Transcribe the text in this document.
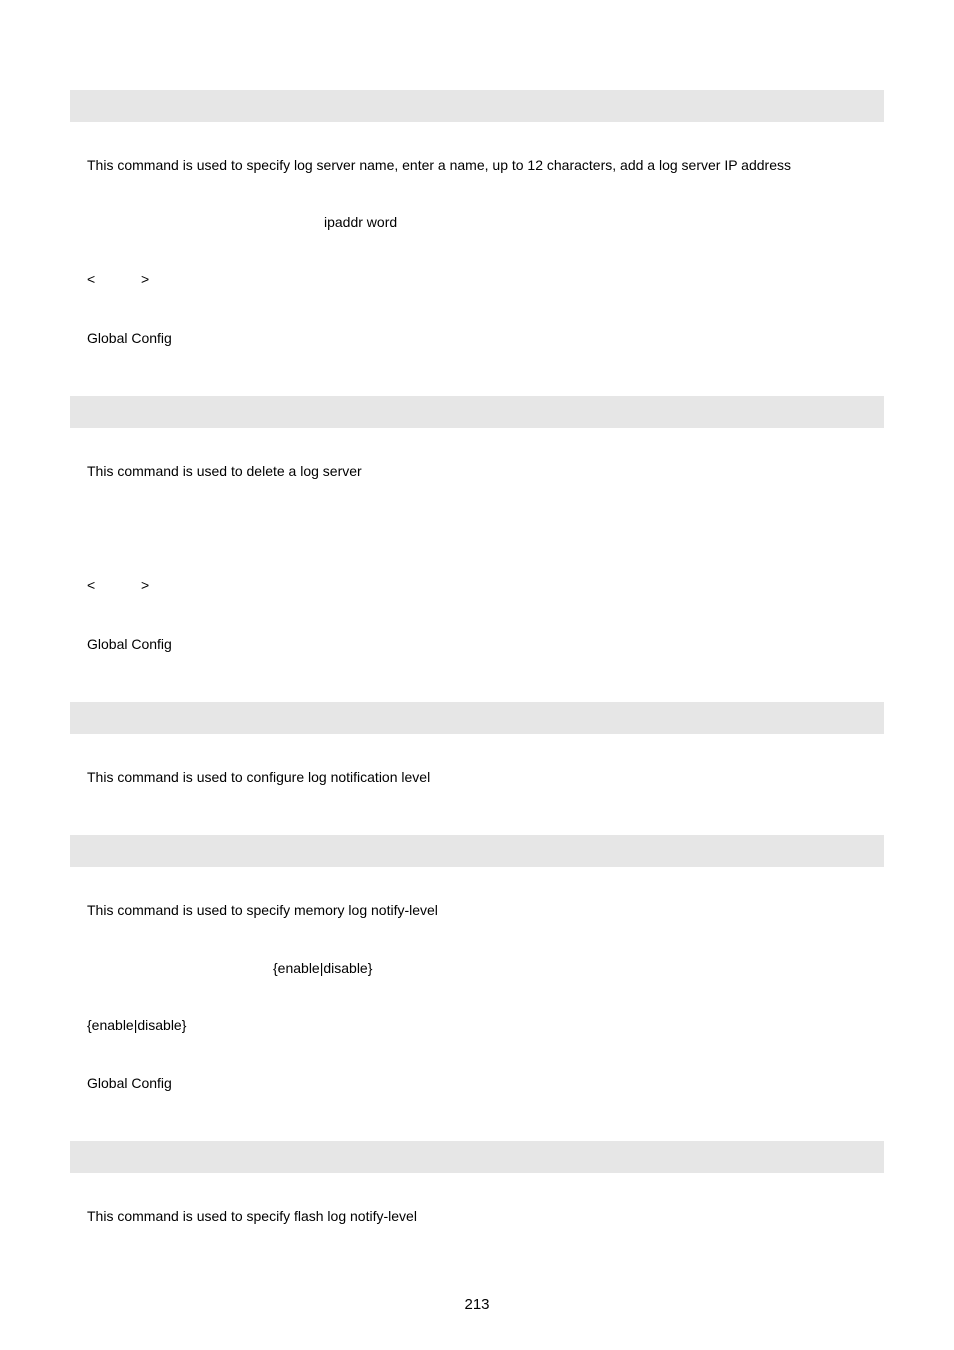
This command is used to specify log server name, enter a name, up to 12 characters, add a log server IP address
ipaddr word
<	>
Global Config
This command is used to delete a log server
<	>
Global Config
This command is used to configure log notification level
This command is used to specify memory log notify-level
{enable|disable}
{enable|disable}
Global Config
This command is used to specify flash log notify-level
213
